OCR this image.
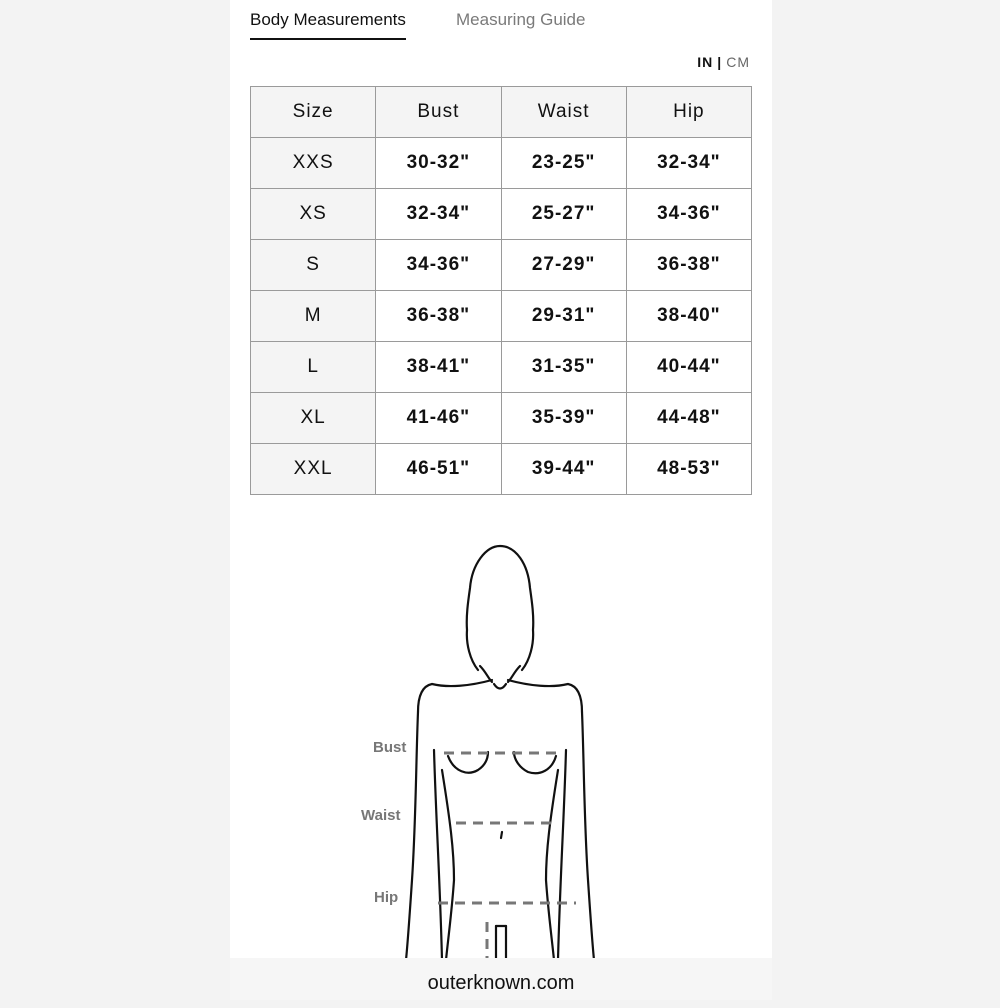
Body Measurements	Measuring Guide
IN | CM
Size	Bust	Waist	Hip
XXS	30-32"	23-25"	32-34"
XS	32-34"	25-27"	34-36"
S	34-36"	27-29"	36-38"
M	36-38"	29-31"	38-40"
L	38-41"	31-35"	40-44"
XL	41-46"	35-39"	44-48"
XXL	46-51"	39-44"	48-53"
Bust
Waist
Hip
outerknown.com
